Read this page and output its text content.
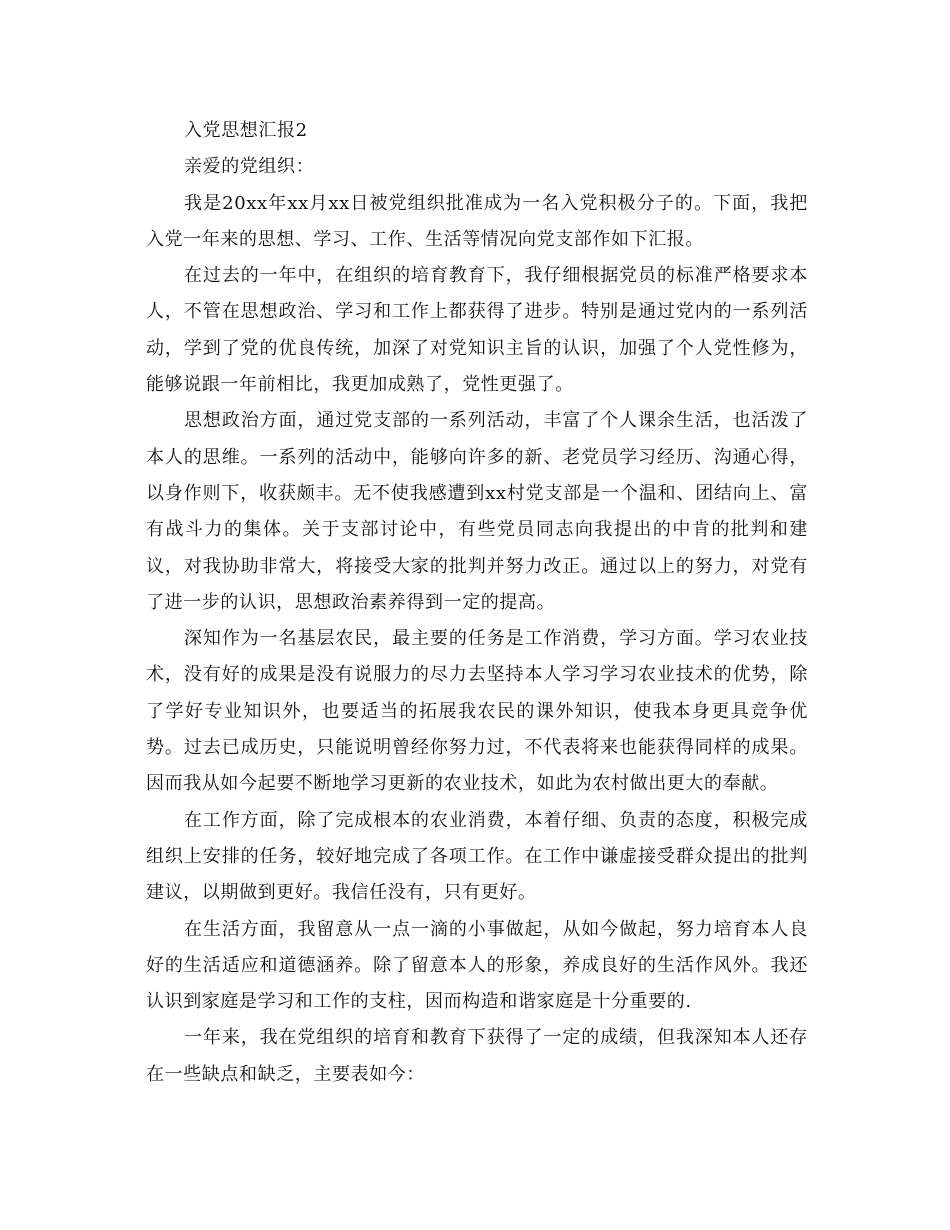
入党思想汇报2

亲爱的党组织：

我是20xx年xx月xx日被党组织批准成为一名入党积极分子的。下面，我把入党一年来的思想、学习、工作、生活等情况向党支部作如下汇报。

在过去的一年中，在组织的培育教育下，我仔细根据党员的标准严格要求本人，不管在思想政治、学习和工作上都获得了进步。特别是通过党内的一系列活动，学到了党的优良传统，加深了对党知识主旨的认识，加强了个人党性修为，能够说跟一年前相比，我更加成熟了，党性更强了。

思想政治方面，通过党支部的一系列活动，丰富了个人课余生活，也活泼了本人的思维。一系列的活动中，能够向许多的新、老党员学习经历、沟通心得，以身作则下，收获颇丰。无不使我感遭到xx村党支部是一个温和、团结向上、富有战斗力的集体。关于支部讨论中，有些党员同志向我提出的中肯的批判和建议，对我协助非常大，将接受大家的批判并努力改正。通过以上的努力，对党有了进一步的认识，思想政治素养得到一定的提高。

深知作为一名基层农民，最主要的任务是工作消费，学习方面。学习农业技术，没有好的成果是没有说服力的尽力去坚持本人学习学习农业技术的优势，除了学好专业知识外，也要适当的拓展我农民的课外知识，使我本身更具竞争优势。过去已成历史，只能说明曾经你努力过，不代表将来也能获得同样的成果。因而我从如今起要不断地学习更新的农业技术，如此为农村做出更大的奉献。

在工作方面，除了完成根本的农业消费，本着仔细、负责的态度，积极完成组织上安排的任务，较好地完成了各项工作。在工作中谦虚接受群众提出的批判建议，以期做到更好。我信任没有，只有更好。

在生活方面，我留意从一点一滴的小事做起，从如今做起，努力培育本人良好的生活适应和道德涵养。除了留意本人的形象，养成良好的生活作风外。我还认识到家庭是学习和工作的支柱，因而构造和谐家庭是十分重要的.

一年来，我在党组织的培育和教育下获得了一定的成绩，但我深知本人还存在一些缺点和缺乏，主要表如今：
